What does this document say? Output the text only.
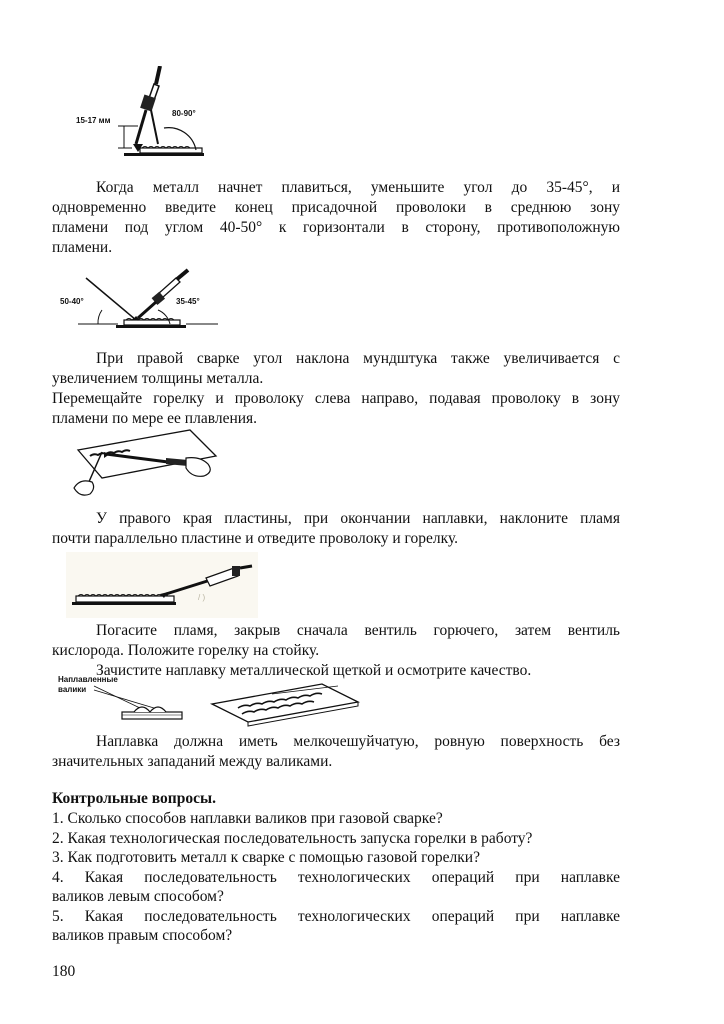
15-17 мм
80-90°
Когда металл начнет плавиться, уменьшите угол до 35-45°, и
одновременно введите конец присадочной проволоки в среднюю зону
пламени под углом 40-50° к горизонтали в сторону, противоположную
пламени.
50-40°	35-45°
При правой сварке угол наклона мундштука также увеличивается с
увеличением толщины металла.
Перемещайте горелку и проволоку слева направо, подавая проволоку в зону
пламени по мере ее плавления.
У правого края пластины, при окончании наплавки, наклоните пламя
почти параллельно пластине и отведите проволоку и горелку.
/ )
Погасите пламя, закрыв сначала вентиль горючего, затем вентиль
кислорода. Положите горелку на стойку.
Зачистите наплавку металлической щеткой и осмотрите качество.
Наплавленные
валики
Наплавка должна иметь мелкочешуйчатую, ровную поверхность без
значительных западаний между валиками.
Контрольные вопросы.
1. Сколько способов наплавки валиков при газовой сварке?
2. Какая технологическая последовательность запуска горелки в работу?
3. Как подготовить металл к сварке с помощью газовой горелки?
4. Какая последовательность технологических операций при наплавке
валиков левым способом?
5. Какая последовательность технологических операций при наплавке
валиков правым способом?
180
